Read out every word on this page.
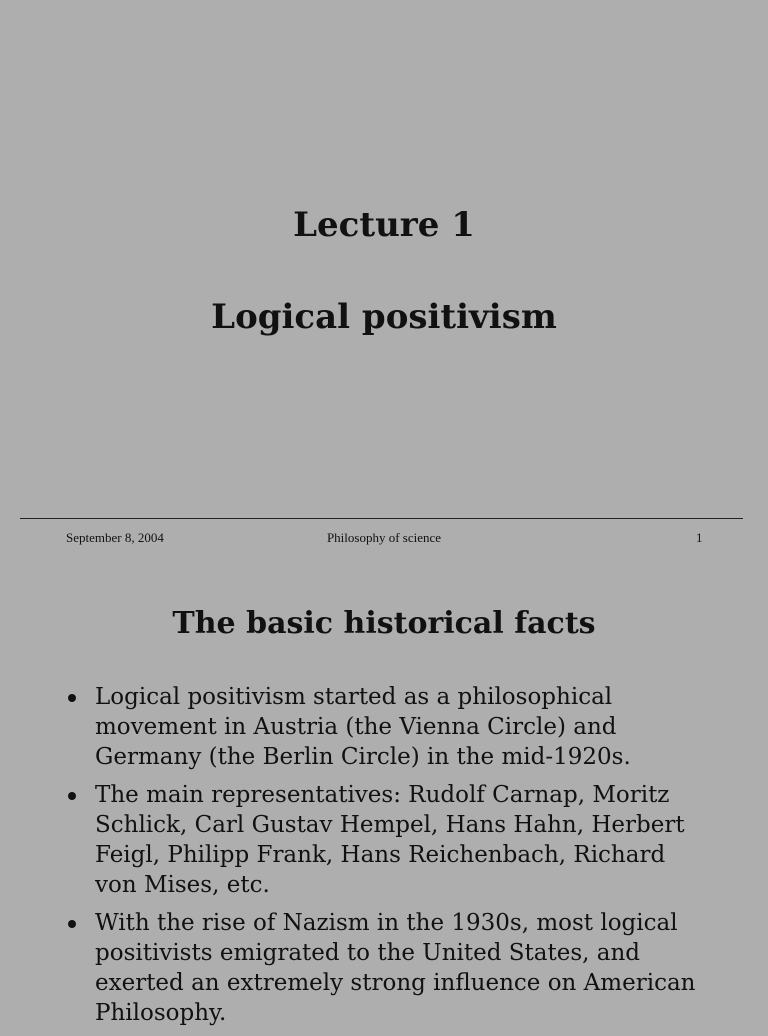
Lecture 1
Logical positivism
September 8, 2004	Philosophy of science	1
The basic historical facts
Logical positivism started as a philosophical movement in Austria (the Vienna Circle) and Germany (the Berlin Circle) in the mid-1920s.
The main representatives: Rudolf Carnap, Moritz Schlick, Carl Gustav Hempel, Hans Hahn, Herbert Feigl, Philipp Frank, Hans Reichenbach, Richard von Mises, etc.
With the rise of Nazism in the 1930s, most logical positivists emigrated to the United States, and exerted an extremely strong influence on American Philosophy.
